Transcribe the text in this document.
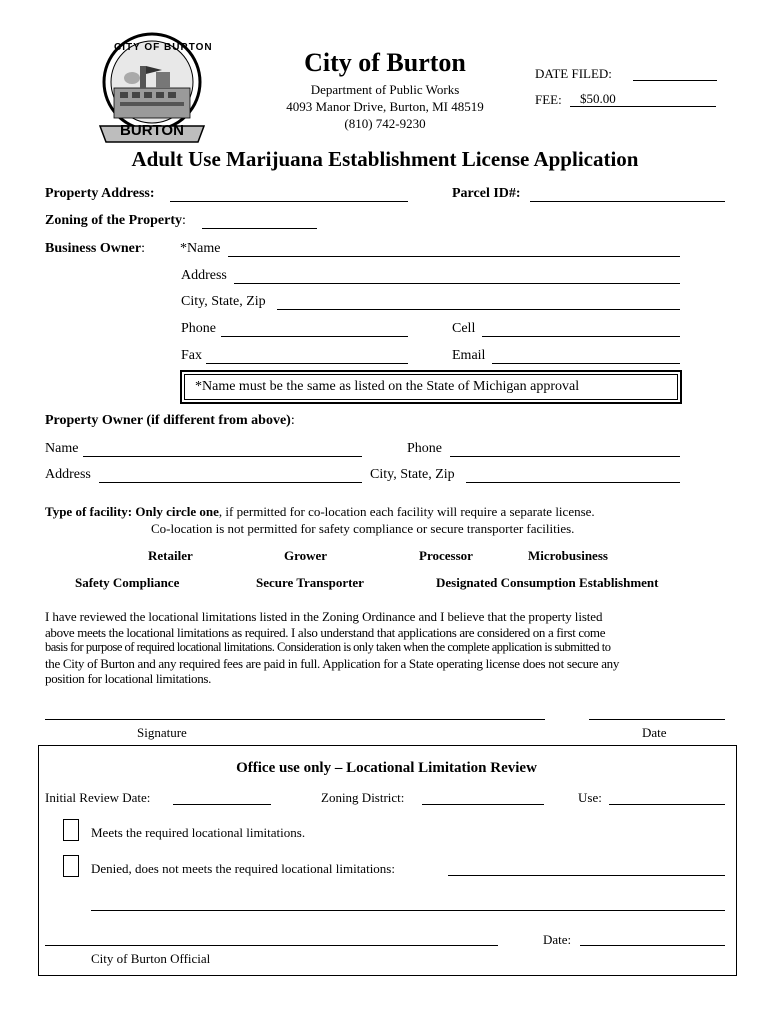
CITY OF BURTON
BURTON
City of Burton
Department of Public Works
4093 Manor Drive, Burton, MI 48519
(810) 742-9230
DATE FILED:
FEE: $50.00
Adult Use Marijuana Establishment License Application
Property Address:	Parcel ID#:
Zoning of the Property:
Business Owner:	*Name
Address
City, State, Zip
Phone	Cell
Fax	Email
*Name must be the same as listed on the State of Michigan approval
Property Owner (if different from above):
Name	Phone
Address	City, State, Zip
Type of facility: Only circle one, if permitted for co-location each facility will require a separate license.
Co-location is not permitted for safety compliance or secure transporter facilities.
Retailer	Grower	Processor	Microbusiness
Safety Compliance	Secure Transporter	Designated Consumption Establishment
I have reviewed the locational limitations listed in the Zoning Ordinance and I believe that the property listed
above meets the locational limitations as required. I also understand that applications are considered on a first come
basis for purpose of required locational limitations. Consideration is only taken when the complete application is submitted to
the City of Burton and any required fees are paid in full. Application for a State operating license does not secure any
position for locational limitations.
Signature	Date
Office use only – Locational Limitation Review
Initial Review Date:	Zoning District:	Use:
Meets the required locational limitations.
Denied, does not meets the required locational limitations:
Date:
City of Burton Official
